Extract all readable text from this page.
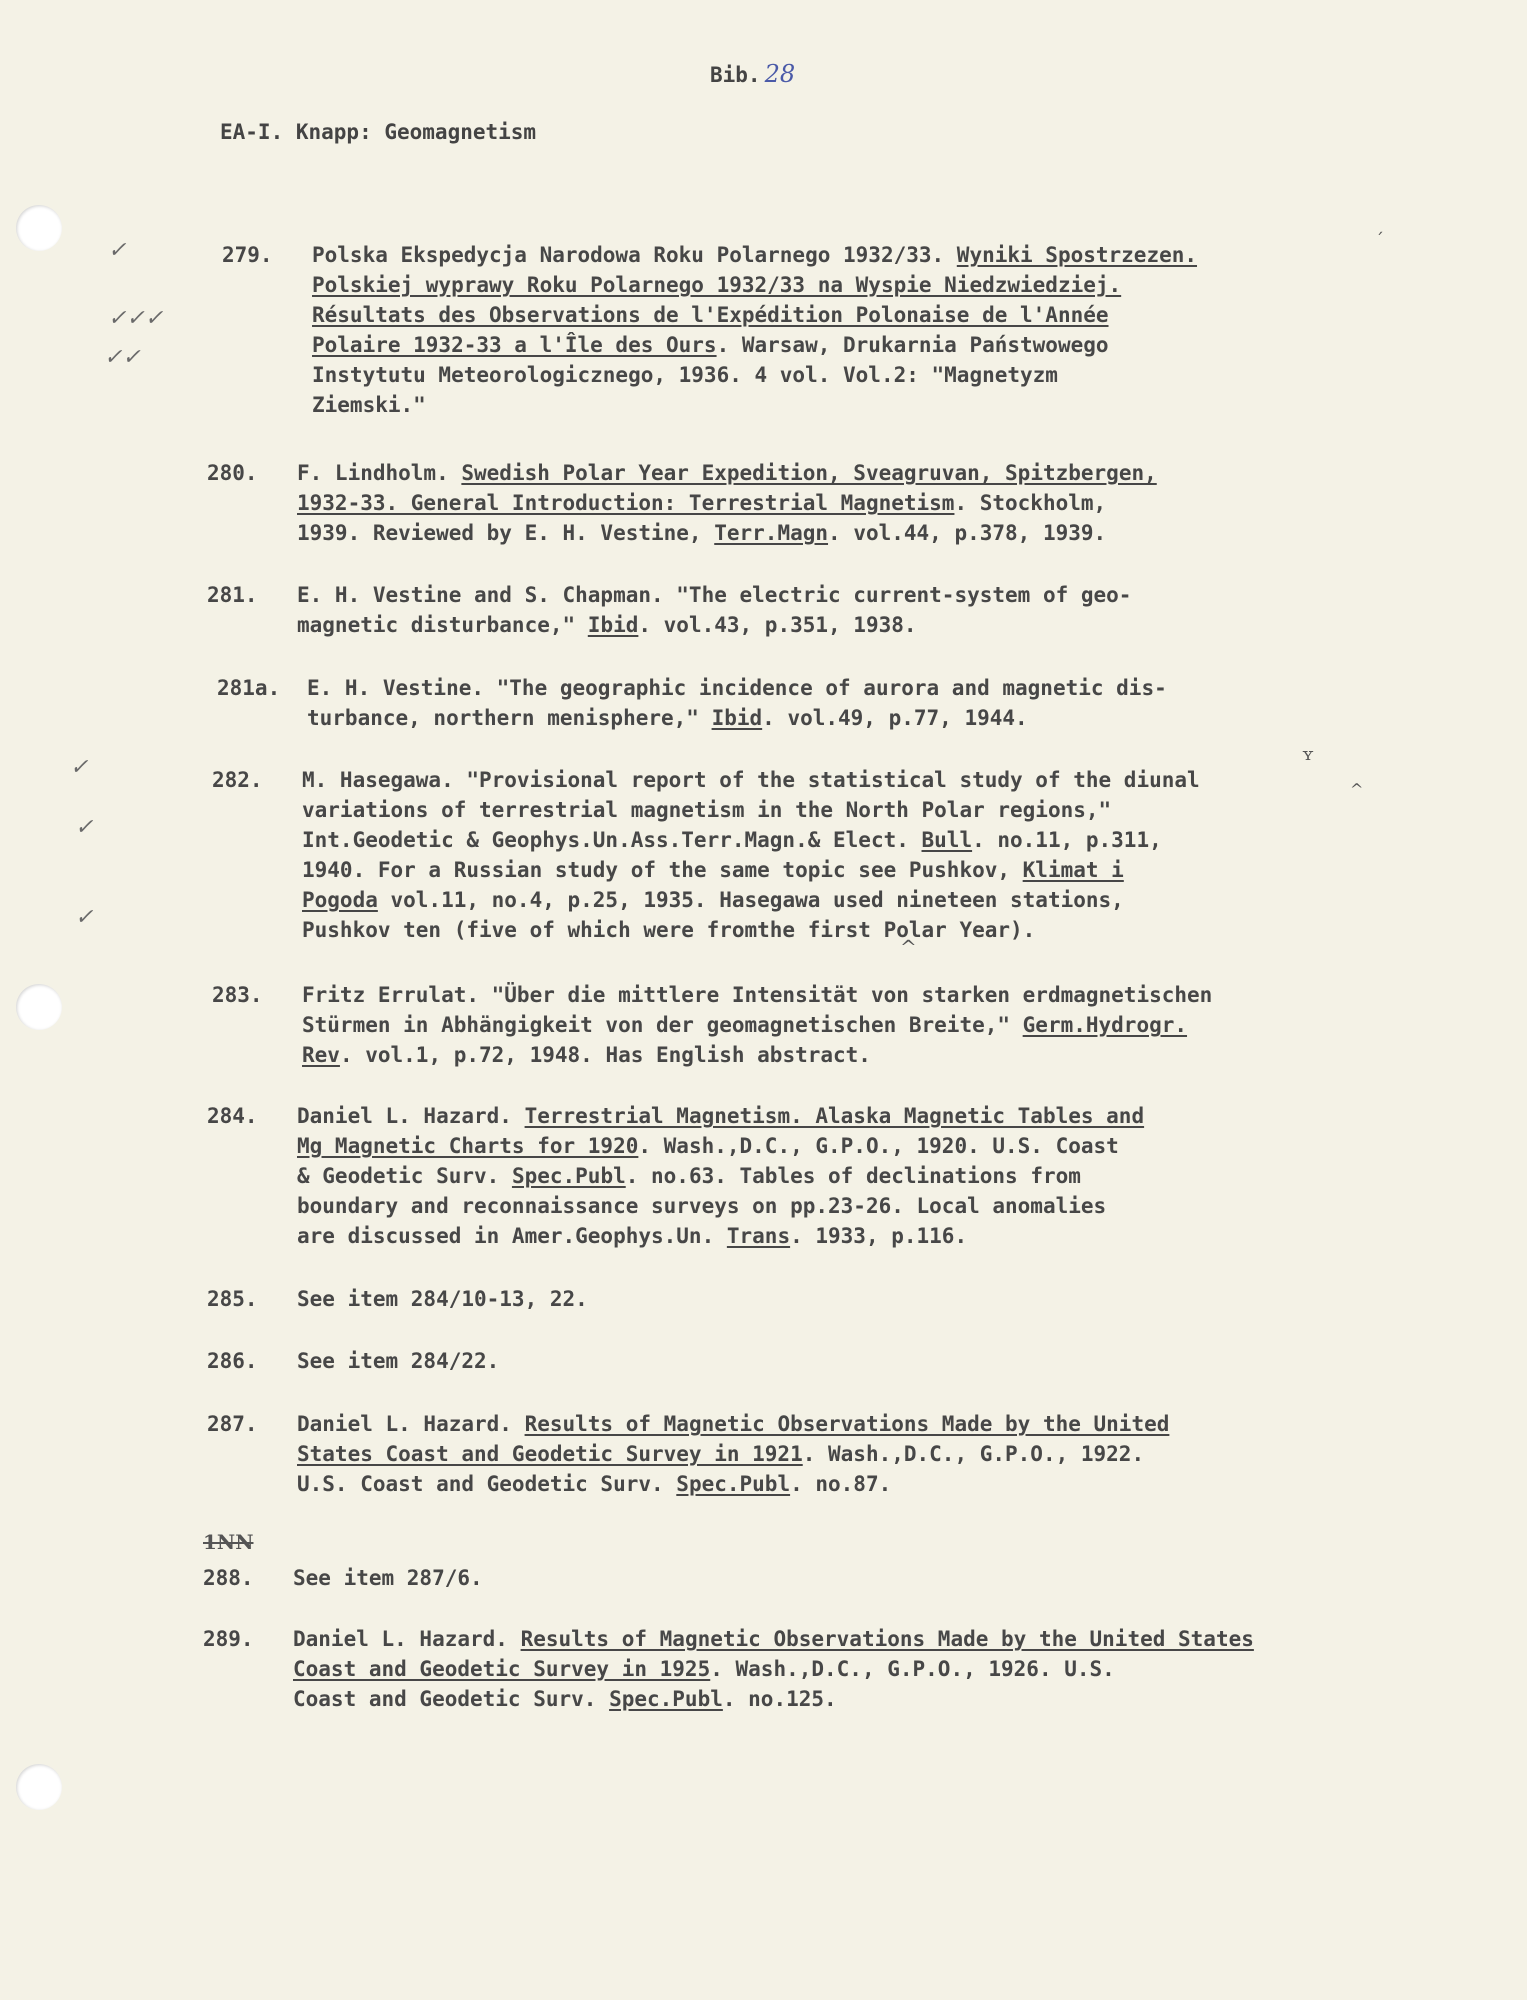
Bib. 28
EA-I. Knapp: Geomagnetism
279. Polska Ekspedycja Narodowa Roku Polarnego 1932/33. Wyniki Spostrzezen.
Polskiej wyprawy Roku Polarnego 1932/33 na Wyspie Niedzwiedziej.
Résultats des Observations de l'Expédition Polonaise de l'Année
Polaire 1932-33 a l'Île des Ours. Warsaw, Drukarnia Państwowego
Instytutu Meteorologicznego, 1936. 4 vol. Vol.2: "Magnetyzm
Ziemski."
280. F. Lindholm. Swedish Polar Year Expedition, Sveagruvan, Spitzbergen,
1932-33. General Introduction: Terrestrial Magnetism. Stockholm,
1939. Reviewed by E. H. Vestine, Terr.Magn. vol.44, p.378, 1939.
281. E. H. Vestine and S. Chapman. "The electric current-system of geo-
magnetic disturbance," Ibid. vol.43, p.351, 1938.
281a. E. H. Vestine. "The geographic incidence of aurora and magnetic dis-
turbance, northern menisphere," Ibid. vol.49, p.77, 1944.
282. M. Hasegawa. "Provisional report of the statistical study of the diunal
variations of terrestrial magnetism in the North Polar regions,"
Int.Geodetic & Geophys.Un.Ass.Terr.Magn.& Elect. Bull. no.11, p.311,
1940. For a Russian study of the same topic see Pushkov, Klimat i
Pogoda vol.11, no.4, p.25, 1935. Hasegawa used nineteen stations,
Pushkov ten (five of which were fromthe first Polar Year).
283. Fritz Errulat. "Über die mittlere Intensität von starken erdmagnetischen
Stürmen in Abhängigkeit von der geomagnetischen Breite," Germ.Hydrogr.
Rev. vol.1, p.72, 1948. Has English abstract.
284. Daniel L. Hazard. Terrestrial Magnetism. Alaska Magnetic Tables and
Mg Magnetic Charts for 1920. Wash.,D.C., G.P.O., 1920. U.S. Coast
& Geodetic Surv. Spec.Publ. no.63. Tables of declinations from
boundary and reconnaissance surveys on pp.23-26. Local anomalies
are discussed in Amer.Geophys.Un. Trans. 1933, p.116.
285. See item 284/10-13, 22.
286. See item 284/22.
287. Daniel L. Hazard. Results of Magnetic Observations Made by the United
States Coast and Geodetic Survey in 1921. Wash.,D.C., G.P.O., 1922.
U.S. Coast and Geodetic Surv. Spec.Publ. no.87.
288. See item 287/6.
289. Daniel L. Hazard. Results of Magnetic Observations Made by the United States
Coast and Geodetic Survey in 1925. Wash.,D.C., G.P.O., 1926. U.S.
Coast and Geodetic Surv. Spec.Publ. no.125.
1NN
✓
✓✓✓
✓✓
✓
✓
✓
´
ʏ
^
^
